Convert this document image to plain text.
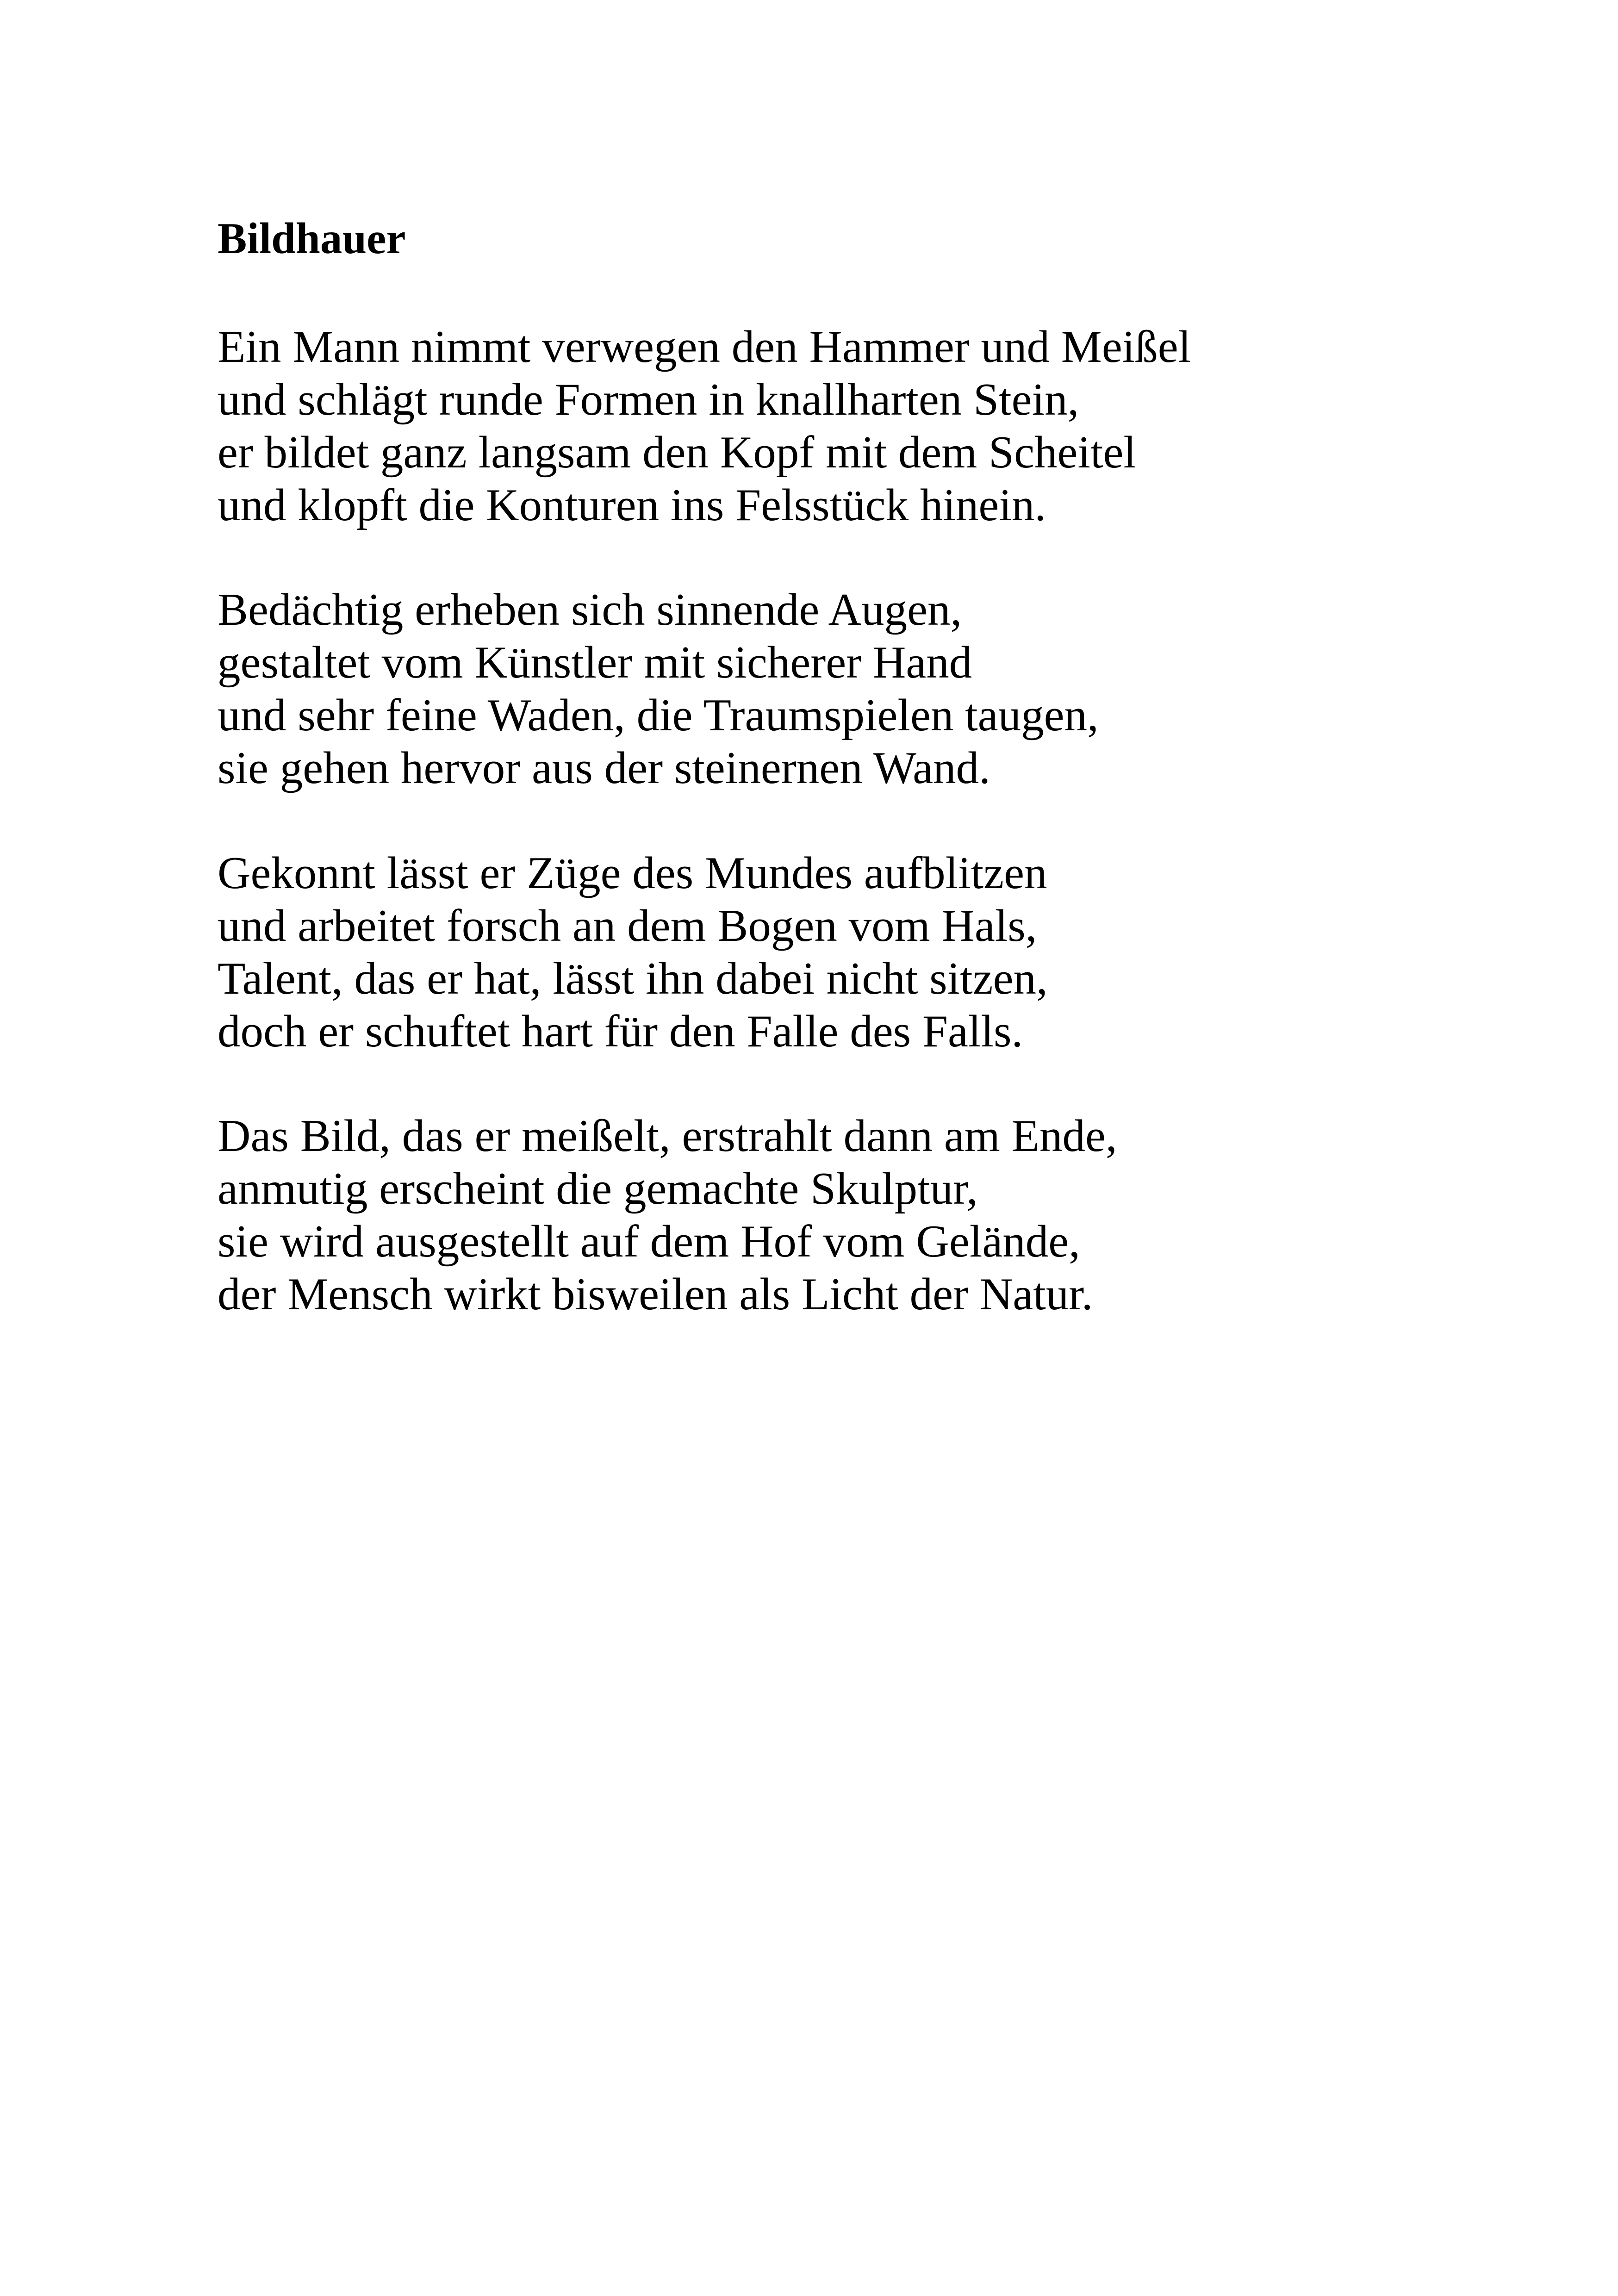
Bildhauer
Ein Mann nimmt verwegen den Hammer und Meißel
und schlägt runde Formen in knallharten Stein,
er bildet ganz langsam den Kopf mit dem Scheitel
und klopft die Konturen ins Felsstück hinein.
Bedächtig erheben sich sinnende Augen,
gestaltet vom Künstler mit sicherer Hand
und sehr feine Waden, die Traumspielen taugen,
sie gehen hervor aus der steinernen Wand.
Gekonnt lässt er Züge des Mundes aufblitzen
und arbeitet forsch an dem Bogen vom Hals,
Talent, das er hat, lässt ihn dabei nicht sitzen,
doch er schuftet hart für den Falle des Falls.
Das Bild, das er meißelt, erstrahlt dann am Ende,
anmutig erscheint die gemachte Skulptur,
sie wird ausgestellt auf dem Hof vom Gelände,
der Mensch wirkt bisweilen als Licht der Natur.
